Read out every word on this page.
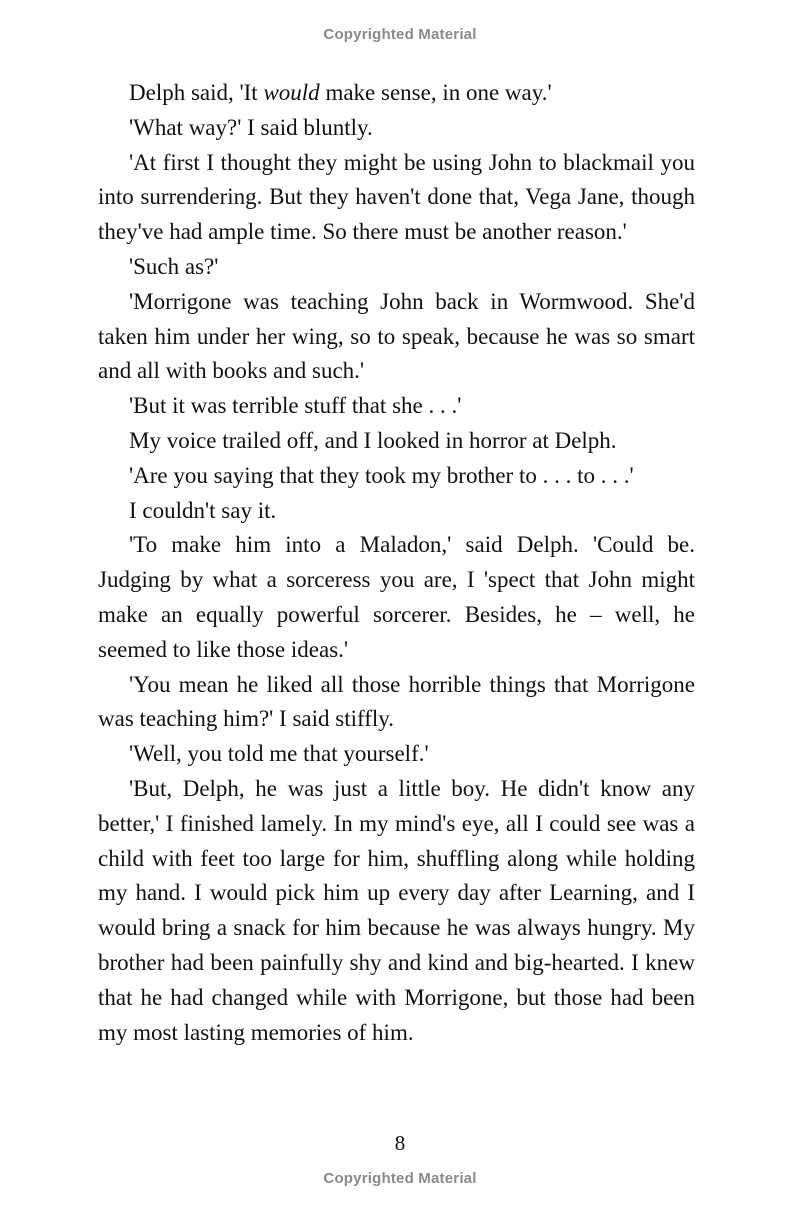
Copyrighted Material

Delph said, 'It would make sense, in one way.'

'What way?' I said bluntly.

'At first I thought they might be using John to blackmail you into surrendering. But they haven't done that, Vega Jane, though they've had ample time. So there must be another reason.'

'Such as?'

'Morrigone was teaching John back in Wormwood. She'd taken him under her wing, so to speak, because he was so smart and all with books and such.'

'But it was terrible stuff that she . . .'

My voice trailed off, and I looked in horror at Delph.

'Are you saying that they took my brother to . . . to . . .'

I couldn't say it.

'To make him into a Maladon,' said Delph. 'Could be. Judging by what a sorceress you are, I 'spect that John might make an equally powerful sorcerer. Besides, he – well, he seemed to like those ideas.'

'You mean he liked all those horrible things that Morrigone was teaching him?' I said stiffly.

'Well, you told me that yourself.'

'But, Delph, he was just a little boy. He didn't know any better,' I finished lamely. In my mind's eye, all I could see was a child with feet too large for him, shuffling along while holding my hand. I would pick him up every day after Learning, and I would bring a snack for him because he was always hungry. My brother had been painfully shy and kind and big-hearted. I knew that he had changed while with Morrigone, but those had been my most lasting memories of him.

8
Copyrighted Material
